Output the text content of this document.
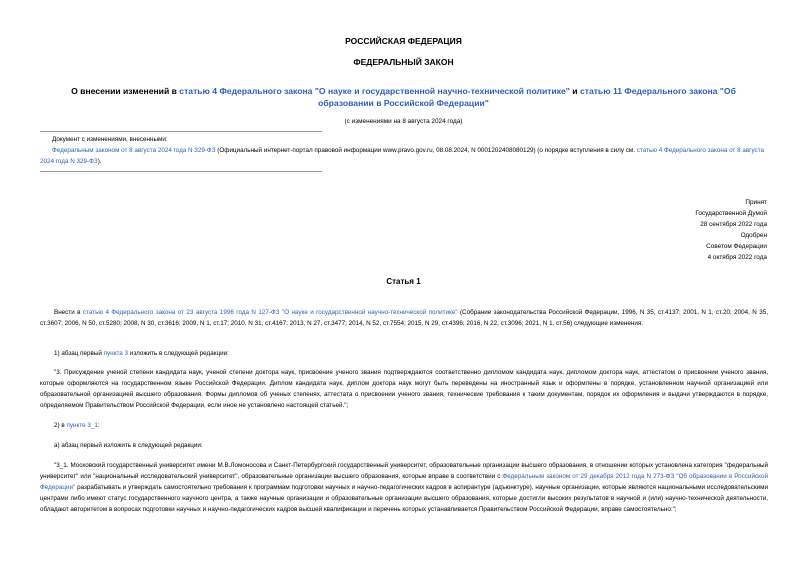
РОССИЙСКАЯ ФЕДЕРАЦИЯ
ФЕДЕРАЛЬНЫЙ ЗАКОН
О внесении изменений в статью 4 Федерального закона "О науке и государственной научно-технической политике" и статью 11 Федерального закона "Об образовании в Российской Федерации"
(с изменениями на 8 августа 2024 года)
Документ с изменениями, внесенными:
Федеральным законом от 8 августа 2024 года N 329-ФЗ (Официальный интернет-портал правовой информации www.pravo.gov.ru, 08.08.2024, N 0001202408080129) (о порядке вступления в силу см. статью 4 Федерального закона от 8 августа 2024 года N 329-ФЗ).
Принят
Государственной Думой
28 сентября 2022 года
Одобрен
Советом Федерации
4 октября 2022 года
Статья 1
Внести в статью 4 Федерального закона от 23 августа 1996 года N 127-ФЗ "О науке и государственной научно-технической политике" (Собрание законодательства Российской Федерации, 1996, N 35, ст.4137; 2001, N 1, ст.20; 2004, N 35, ст.3607; 2006, N 50, ст.5280; 2008, N 30, ст.3616; 2009, N 1, ст.17; 2010, N 31, ст.4167; 2013, N 27, ст.3477; 2014, N 52, ст.7554; 2015, N 29, ст.4396; 2016, N 22, ст.3096; 2021, N 1, ст.56) следующие изменения:
1) абзац первый пункта 3 изложить в следующей редакции:
"3. Присуждение ученой степени кандидата наук, ученой степени доктора наук, присвоение ученого звания подтверждаются соответственно дипломом кандидата наук, дипломом доктора наук, аттестатом о присвоении ученого звания, которые оформляются на государственном языке Российской Федерации. Диплом кандидата наук, диплом доктора наук могут быть переведены на иностранный язык и оформлены в порядке, установленном научной организацией или образовательной организацией высшего образования. Формы дипломов об ученых степенях, аттестата о присвоении ученого звания, технические требования к таким документам, порядок их оформления и выдачи утверждаются в порядке, определяемом Правительством Российской Федерации, если иное не установлено настоящей статьей.";
2) в пункте 3_1:
а) абзац первый изложить в следующей редакции:
"3_1. Московский государственный университет имени М.В.Ломоносова и Санкт-Петербургский государственный университет, образовательные организации высшего образования, в отношении которых установлена категория "федеральный университет" или "национальный исследовательский университет", образовательные организации высшего образования, которые вправе в соответствии с Федеральным законом от 29 декабря 2012 года N 273-ФЗ "Об образовании в Российской Федерации" разрабатывать и утверждать самостоятельно требования к программам подготовки научных и научно-педагогических кадров в аспирантуре (адъюнктуре), научные организации, которые являются национальными исследовательскими центрами либо имеют статус государственного научного центра, а также научные организации и образовательные организации высшего образования, которые достигли высоких результатов в научной и (или) научно-технической деятельности, обладают авторитетом в вопросах подготовки научных и научно-педагогических кадров высшей квалификации и перечень которых устанавливается Правительством Российской Федерации, вправе самостоятельно:";
